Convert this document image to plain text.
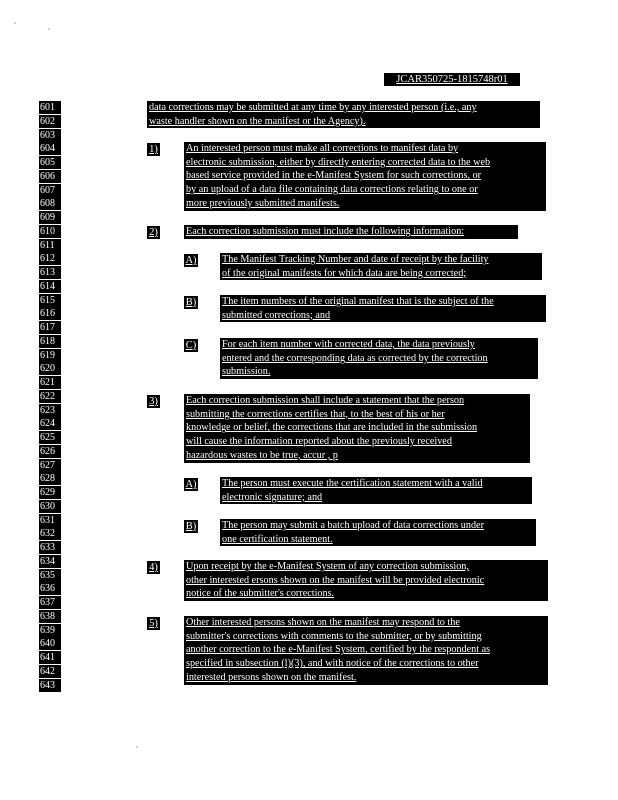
JCAR350725-1815748r01
601
602
603
604
605
606
607
608
609
610
611
612
613
614
615
616
617
618
619
620
621
622
623
624
625
626
627
628
629
630
631
632
633
634
635
636
637
638
639
640
641
642
643
data corrections may be submitted at any time by any interested person (i.e., any
waste handler shown on the manifest or the Agency).
1)	An interested person must make all corrections to manifest data by
electronic submission, either by directly entering corrected data to the web
based service provided in the e-Manifest System for such corrections, or
by an upload of a data file containing data corrections relating to one or
more previously submitted manifests.
2)	Each correction submission must include the following information:
A) The Manifest Tracking Number and date of receipt by the facility
of the original manifests for which data are being corrected;
B)	The item numbers of the original manifest that is the subject of the
submitted corrections; and
C)	For each item number with corrected data, the data previously
entered and the corresponding data as corrected by the correction
submission.
3)	Each correction submission shall include a statement that the person
submitting the corrections certifies that, to the best of his or her
knowledge or belief, the corrections that are included in the submission
will cause the information reported about the previously received
hazardous wastes to be true, accur , p
A) The person must execute the certification statement with a valid
electronic signature; and
B)	The person may submit a batch upload of data corrections under
one certification statement.
4)	Upon receipt by the e-Manifest System of any correction submission,
other interested ersons shown on the manifest will be provided electronic
notice of the submitter's corrections.
5)	Other interested persons shown on the manifest may respond to the
submitter's corrections with comments to the submitter, or by submitting
another correction to the e-Manifest System, certified by the respondent as
specified in subsection (l)(3), and with notice of the corrections to other
interested persons shown on the manifest.
